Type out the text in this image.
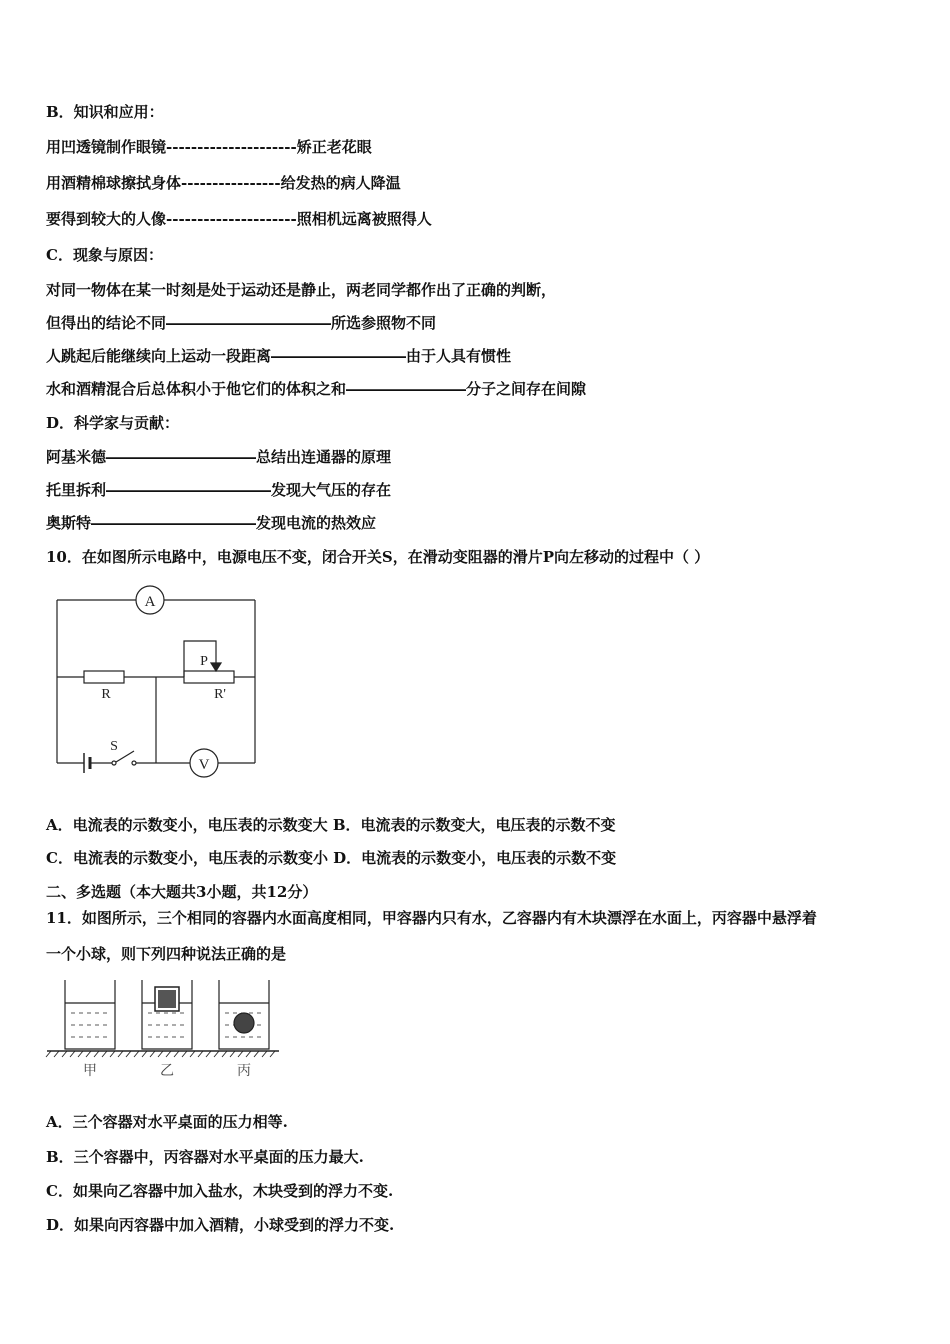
B．知识和应用：
用凹透镜制作眼镜---------------------矫正老花眼
用酒精棉球擦拭身体----------------给发热的病人降温
要得到较大的人像---------------------照相机远离被照得人
C．现象与原因：
对同一物体在某一时刻是处于运动还是静止，两老同学都作出了正确的判断，
但得出的结论不同―――――――――――所选参照物不同
人跳起后能继续向上运动一段距离―――――――――由于人具有惯性
水和酒精混合后总体积小于他它们的体积之和――――――――分子之间存在间隙
D．科学家与贡献：
阿基米德――――――――――总结出连通器的原理
托里拆利―――――――――――发现大气压的存在
奥斯特―――――――――――发现电流的热效应
10．在如图所示电路中，电源电压不变，闭合开关S，在滑动变阻器的滑片P向左移动的过程中（ ）
A
R	R'
P
S
V
A．电流表的示数变小，电压表的示数变大 B．电流表的示数变大，电压表的示数不变
C．电流表的示数变小，电压表的示数变小 D．电流表的示数变小，电压表的示数不变
二、多选题（本大题共3小题，共12分）
11．如图所示，三个相同的容器内水面高度相同，甲容器内只有水，乙容器内有木块漂浮在水面上，丙容器中悬浮着
一个小球，则下列四种说法正确的是
甲	乙	丙
A．三个容器对水平桌面的压力相等.
B．三个容器中，丙容器对水平桌面的压力最大.
C．如果向乙容器中加入盐水，木块受到的浮力不变.
D．如果向丙容器中加入酒精，小球受到的浮力不变.
